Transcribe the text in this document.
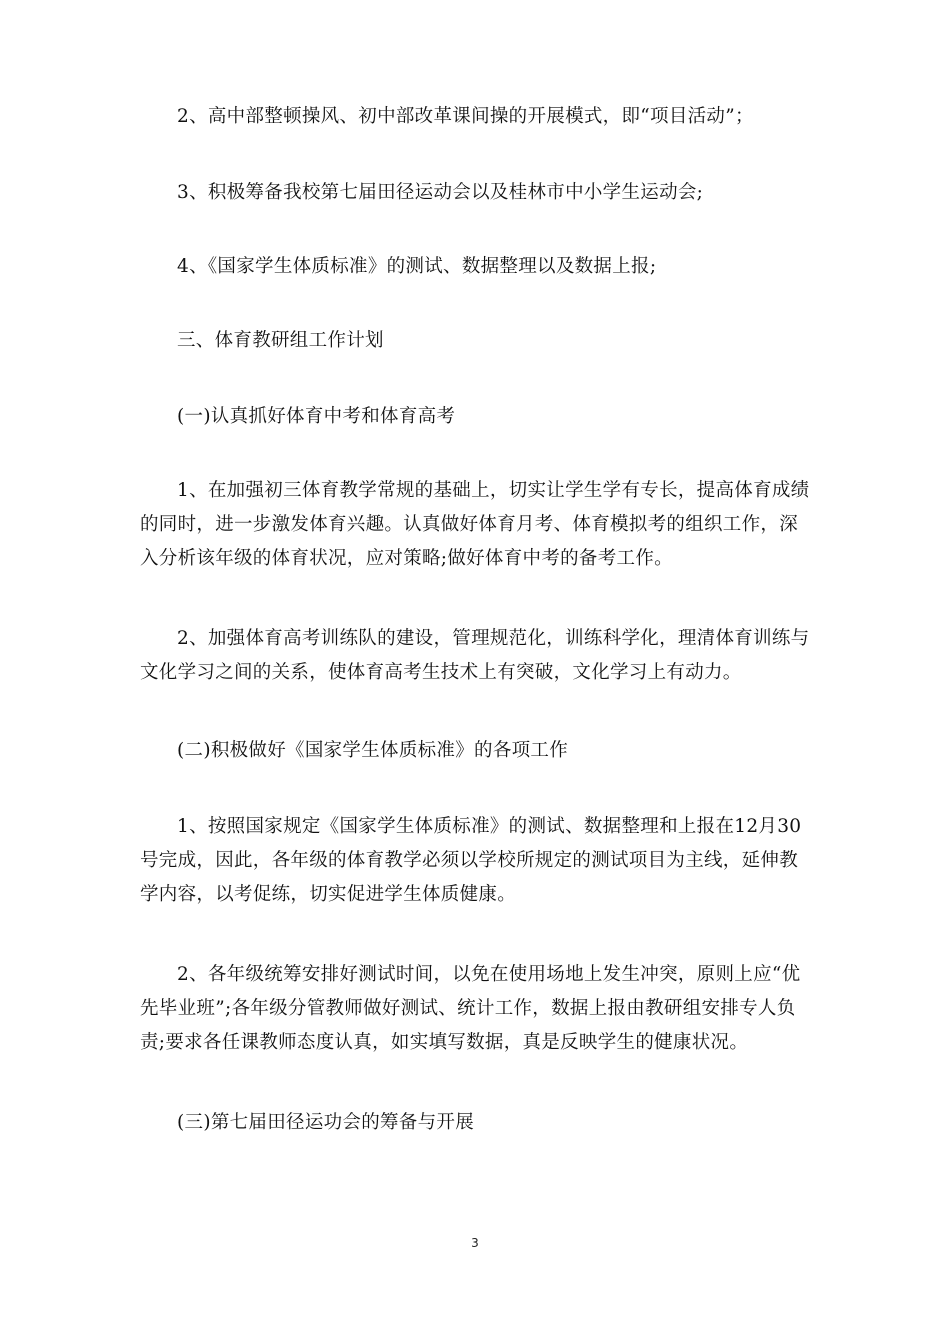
2、高中部整顿操风、初中部改革课间操的开展模式，即“项目活动”；

3、积极筹备我校第七届田径运动会以及桂林市中小学生运动会;

4、《国家学生体质标准》的测试、数据整理以及数据上报;

三、体育教研组工作计划

(一)认真抓好体育中考和体育高考

1、在加强初三体育教学常规的基础上，切实让学生学有专长，提高体育成绩的同时，进一步激发体育兴趣。认真做好体育月考、体育模拟考的组织工作，深入分析该年级的体育状况，应对策略;做好体育中考的备考工作。

2、加强体育高考训练队的建设，管理规范化，训练科学化，理清体育训练与文化学习之间的关系，使体育高考生技术上有突破，文化学习上有动力。

(二)积极做好《国家学生体质标准》的各项工作

1、按照国家规定《国家学生体质标准》的测试、数据整理和上报在12月30号完成，因此，各年级的体育教学必须以学校所规定的测试项目为主线，延伸教学内容，以考促练，切实促进学生体质健康。

2、各年级统筹安排好测试时间，以免在使用场地上发生冲突，原则上应“优先毕业班”;各年级分管教师做好测试、统计工作，数据上报由教研组安排专人负责;要求各任课教师态度认真，如实填写数据，真是反映学生的健康状况。

(三)第七届田径运功会的筹备与开展

3
